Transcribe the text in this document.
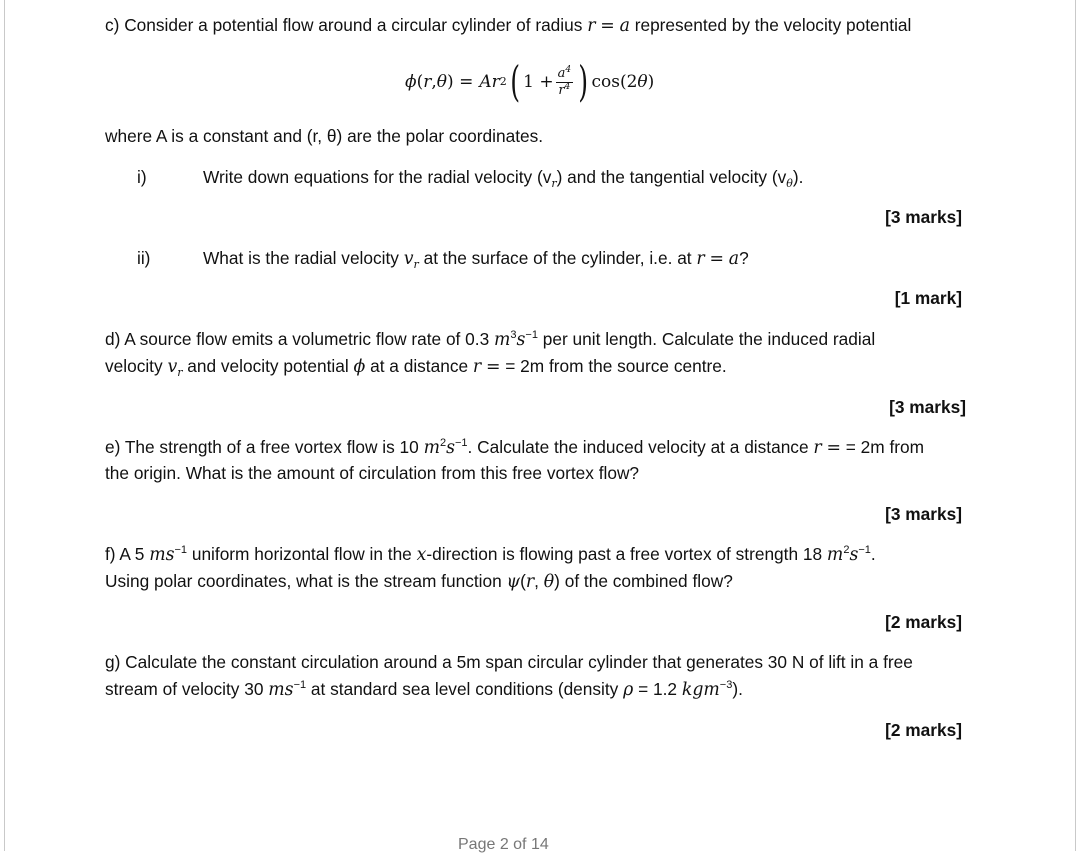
c) Consider a potential flow around a circular cylinder of radius r = a represented by the velocity potential
ϕ ( r , θ ) = Ar 2 ( $1 + \frac{a^4}{r^4}$ ) cos(2 θ )
where A is a constant and (r, θ) are the polar coordinates.
i)	Write down equations for the radial velocity $(v_r)$ and the tangential velocity $(v_\theta)$.
[3 marks]
ii)	What is the radial velocity $v_r$ at the surface of the cylinder, i.e. at r = a?
[1 mark]
d) A source flow emits a volumetric flow rate of 0.3 $m^3s^{-1}$ per unit length. Calculate the induced radial
velocity $v_r$ and velocity potential ϕ at a distance r = = 2m from the source centre.
[3 marks]
e) The strength of a free vortex flow is 10 $m^2s^{-1}$. Calculate the induced velocity at a distance r = = 2m from
the origin. What is the amount of circulation from this free vortex flow?
[3 marks]
f) A 5 $ms^{-1}$ uniform horizontal flow in the x-direction is flowing past a free vortex of strength 18 $m^2s^{-1}$.
Using polar coordinates, what is the stream function ψ(r, θ) of the combined flow?
[2 marks]
g) Calculate the constant circulation around a 5m span circular cylinder that generates 30 N of lift in a free
stream of velocity 30 $ms^{-1}$ at standard sea level conditions (density ρ = 1.2 kgm$^{-3}$).
[2 marks]
Page 2 of 14
